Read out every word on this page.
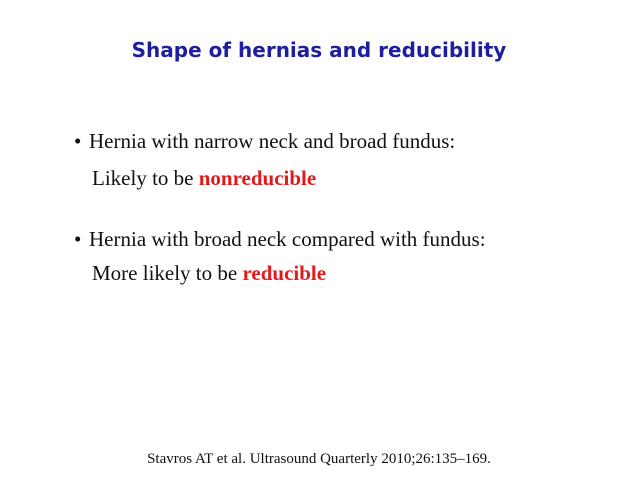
Shape of hernias and reducibility
• Hernia with narrow neck and broad fundus:
Likely to be nonreducible
• Hernia with broad neck compared with fundus:
More likely to be reducible
Stavros AT et al. Ultrasound Quarterly 2010;26:135–169.
